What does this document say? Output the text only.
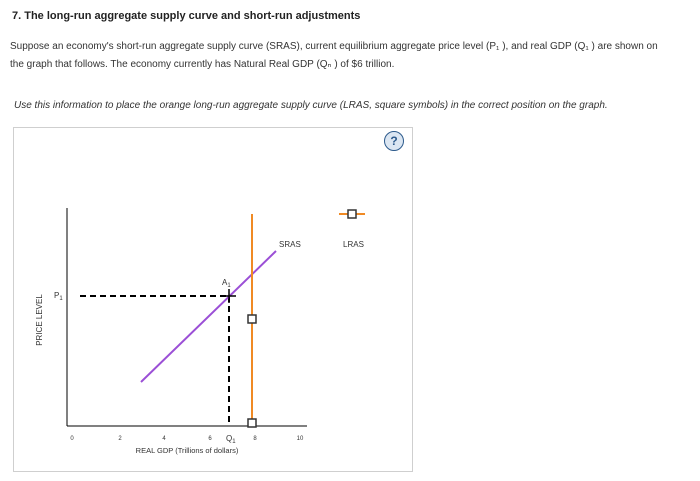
7. The long-run aggregate supply curve and short-run adjustments
Suppose an economy's short-run aggregate supply curve (SRAS), current equilibrium aggregate price level (P₁ ), and real GDP (Q₁ ) are shown on
the graph that follows. The economy currently has Natural Real GDP (Qₙ ) of $6 trillion.
Use this information to place the orange long-run aggregate supply curve (LRAS, square symbols) in the correct position on the graph.
?
PRICE LEVEL $P_1$
$A_1$
SRAS	LRAS
0	2	4	6	8	10
$Q_1$
REAL GDP (Trillions of dollars)
